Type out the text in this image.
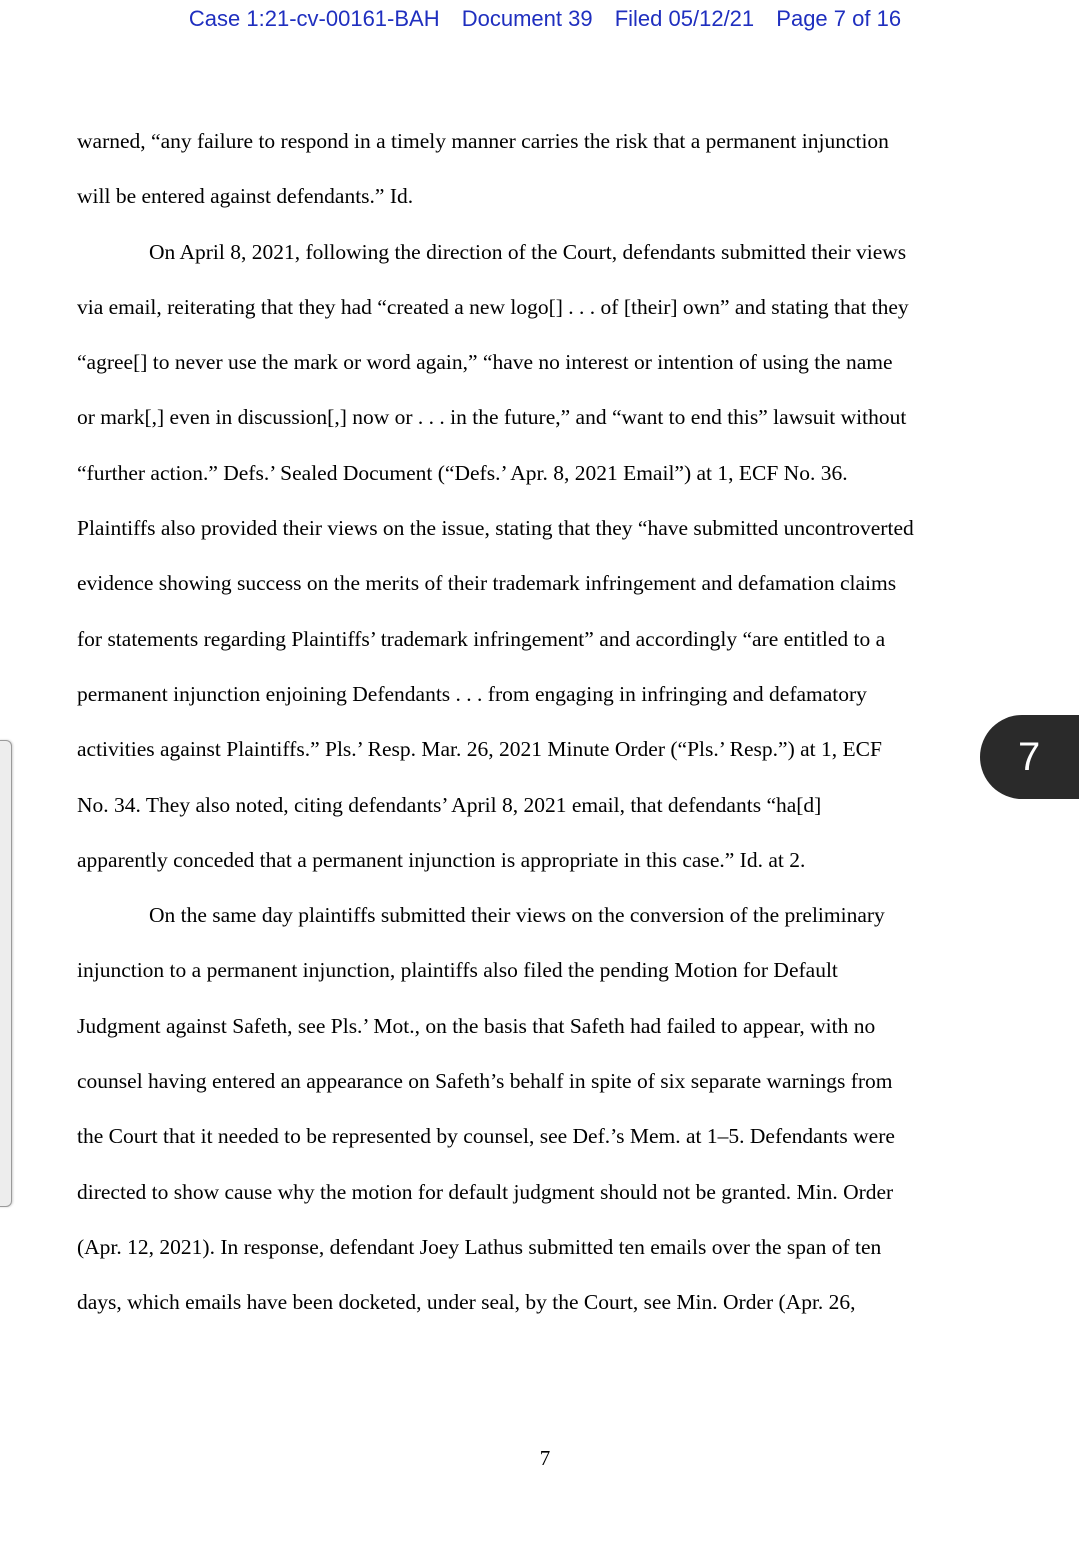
Case 1:21-cv-00161-BAH Document 39 Filed 05/12/21 Page 7 of 16
warned, “any failure to respond in a timely manner carries the risk that a permanent injunction
will be entered against defendants.” Id.
On April 8, 2021, following the direction of the Court, defendants submitted their views
via email, reiterating that they had “created a new logo[] . . . of [their] own” and stating that they
“agree[] to never use the mark or word again,” “have no interest or intention of using the name
or mark[,] even in discussion[,] now or . . . in the future,” and “want to end this” lawsuit without
“further action.” Defs.’ Sealed Document (“Defs.’ Apr. 8, 2021 Email”) at 1, ECF No. 36.
Plaintiffs also provided their views on the issue, stating that they “have submitted uncontroverted
evidence showing success on the merits of their trademark infringement and defamation claims
for statements regarding Plaintiffs’ trademark infringement” and accordingly “are entitled to a
permanent injunction enjoining Defendants . . . from engaging in infringing and defamatory
activities against Plaintiffs.” Pls.’ Resp. Mar. 26, 2021 Minute Order (“Pls.’ Resp.”) at 1, ECF
No. 34. They also noted, citing defendants’ April 8, 2021 email, that defendants “ha[d]
apparently conceded that a permanent injunction is appropriate in this case.” Id. at 2.
On the same day plaintiffs submitted their views on the conversion of the preliminary
injunction to a permanent injunction, plaintiffs also filed the pending Motion for Default
Judgment against Safeth, see Pls.’ Mot., on the basis that Safeth had failed to appear, with no
counsel having entered an appearance on Safeth’s behalf in spite of six separate warnings from
the Court that it needed to be represented by counsel, see Def.’s Mem. at 1–5. Defendants were
directed to show cause why the motion for default judgment should not be granted. Min. Order
(Apr. 12, 2021). In response, defendant Joey Lathus submitted ten emails over the span of ten
days, which emails have been docketed, under seal, by the Court, see Min. Order (Apr. 26,
7
7
